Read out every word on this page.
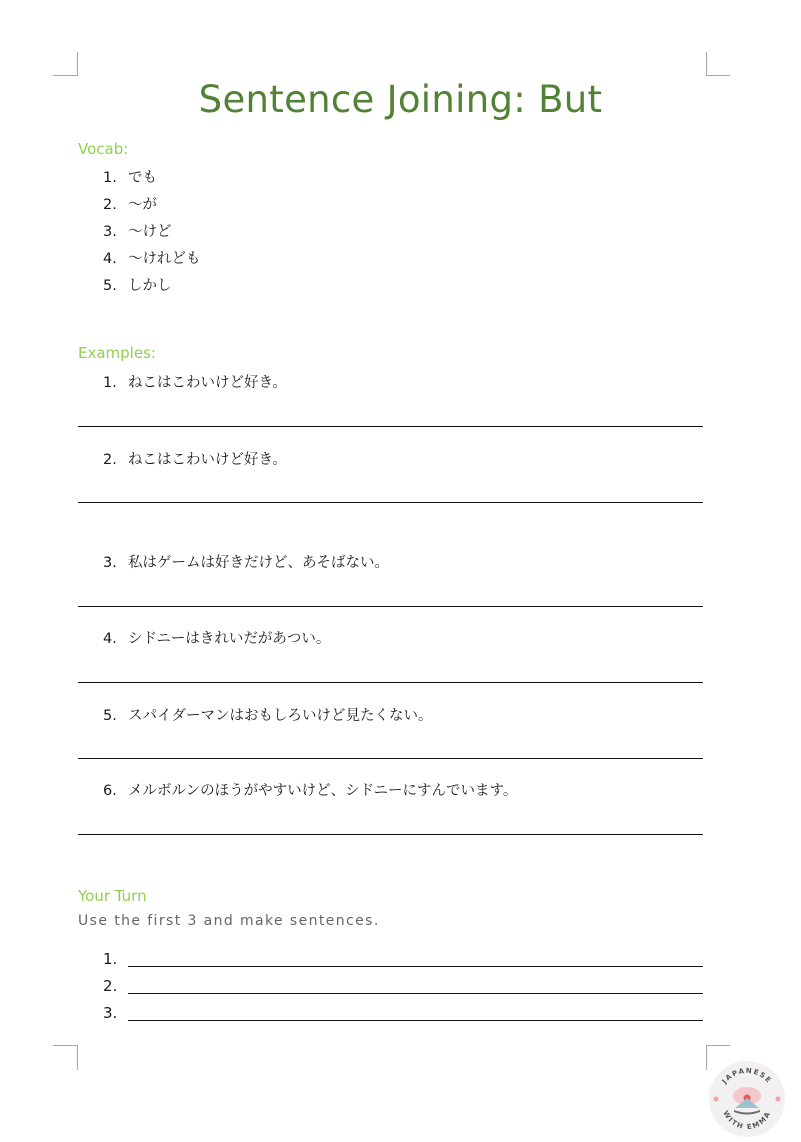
Sentence Joining: But
Vocab:
1. でも
2. 〜が
3. 〜けど
4. 〜けれども
5. しかし
Examples:
1. ねこはこわいけど好き。
2. ねこはこわいけど好き。
3. 私はゲームは好きだけど、あそばない。
4. シドニーはきれいだがあつい。
5. スパイダーマンはおもしろいけど見たくない。
6. メルボルンのほうがやすいけど、シドニーにすんでいます。
Your Turn
Use the first 3 and make sentences.
1.
2.
3.
JAPANESE
WITH EMMA
